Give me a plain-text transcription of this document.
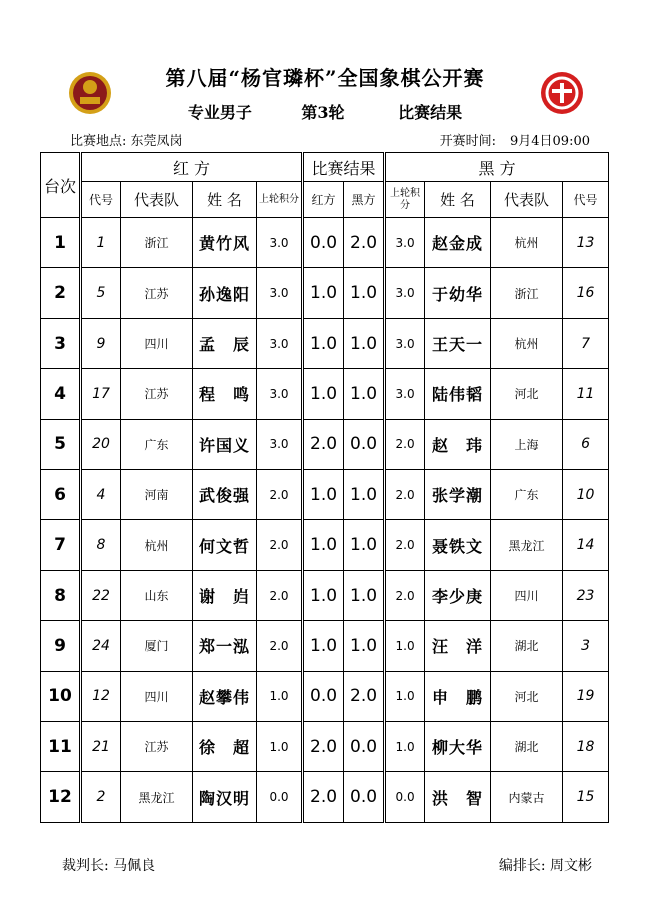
第八届“杨官璘杯”全国象棋公开赛
专业男子	第3轮	比赛结果
比赛地点: 东莞凤岗	开赛时间: 9月4日09:00
台次	红 方				比赛结果		黑 方			
	代号	代表队	姓 名	上轮积分	红方	黑方	上轮积分	姓 名	代表队	代号
1	1	浙江	黄竹风	3.0	0.0	2.0	3.0	赵金成	杭州	13
2	5	江苏	孙逸阳	3.0	1.0	1.0	3.0	于幼华	浙江	16
3	9	四川	孟　辰	3.0	1.0	1.0	3.0	王天一	杭州	7
4	17	江苏	程　鸣	3.0	1.0	1.0	3.0	陆伟韬	河北	11
5	20	广东	许国义	3.0	2.0	0.0	2.0	赵　玮	上海	6
6	4	河南	武俊强	2.0	1.0	1.0	2.0	张学潮	广东	10
7	8	杭州	何文哲	2.0	1.0	1.0	2.0	聂铁文	黑龙江	14
8	22	山东	谢　岿	2.0	1.0	1.0	2.0	李少庚	四川	23
9	24	厦门	郑一泓	2.0	1.0	1.0	1.0	汪　洋	湖北	3
10	12	四川	赵攀伟	1.0	0.0	2.0	1.0	申　鹏	河北	19
11	21	江苏	徐　超	1.0	2.0	0.0	1.0	柳大华	湖北	18
12	2	黑龙江	陶汉明	0.0	2.0	0.0	0.0	洪　智	内蒙古	15
裁判长: 马佩良	编排长: 周文彬
